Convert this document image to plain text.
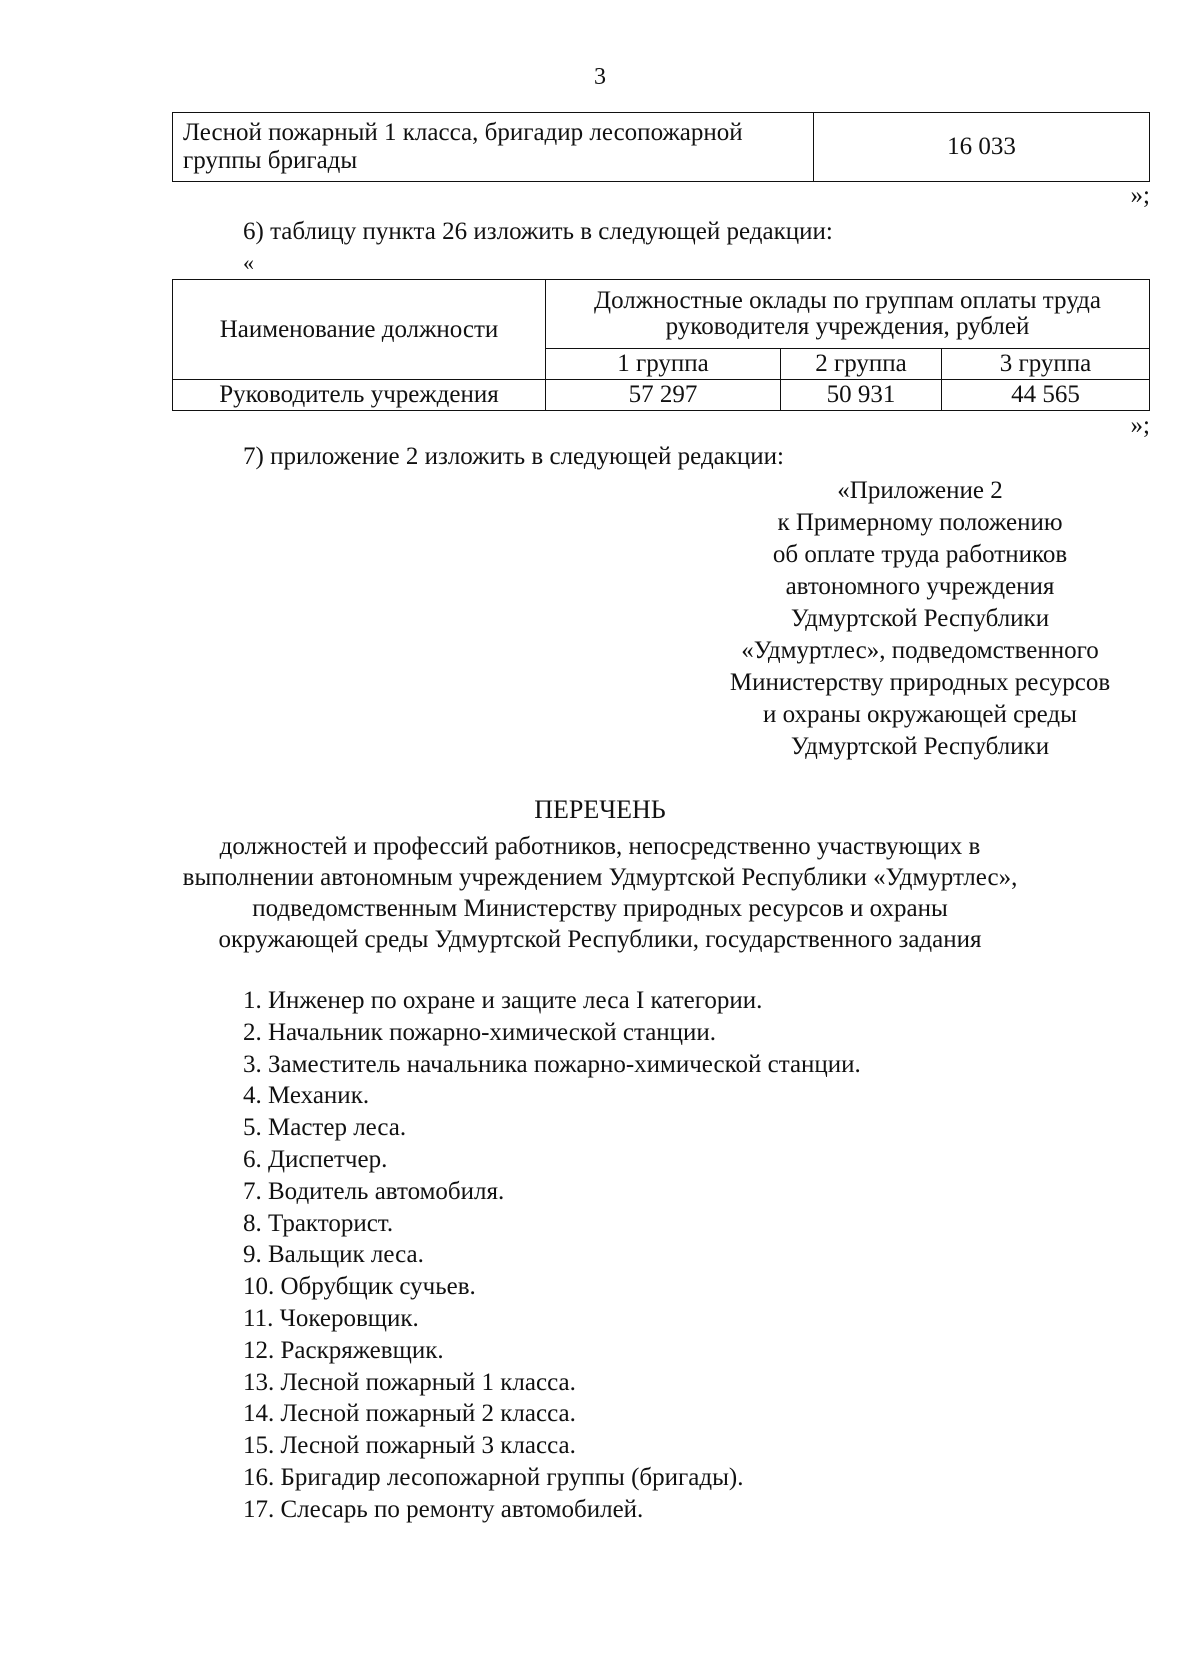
3
Лесной пожарный 1 класса, бригадир лесопожарной группы бригады	16 033
»;
6) таблицу пункта 26 изложить в следующей редакции:
«
Наименование должности	Должностные оклады по группам оплаты труда руководителя учреждения, рублей		
	1 группа	2 группа	3 группа
Руководитель учреждения	57 297	50 931	44 565
»;
7) приложение 2 изложить в следующей редакции:
«Приложение 2
к Примерному положению
об оплате труда работников
автономного учреждения
Удмуртской Республики
«Удмуртлес», подведомственного
Министерству природных ресурсов
и охраны окружающей среды
Удмуртской Республики
ПЕРЕЧЕНЬ
должностей и профессий работников, непосредственно участвующих в
выполнении автономным учреждением Удмуртской Республики «Удмуртлес»,
подведомственным Министерству природных ресурсов и охраны
окружающей среды Удмуртской Республики, государственного задания
1. Инженер по охране и защите леса I категории.
2. Начальник пожарно-химической станции.
3. Заместитель начальника пожарно-химической станции.
4. Механик.
5. Мастер леса.
6. Диспетчер.
7. Водитель автомобиля.
8. Тракторист.
9. Вальщик леса.
10. Обрубщик сучьев.
11. Чокеровщик.
12. Раскряжевщик.
13. Лесной пожарный 1 класса.
14. Лесной пожарный 2 класса.
15. Лесной пожарный 3 класса.
16. Бригадир лесопожарной группы (бригады).
17. Слесарь по ремонту автомобилей.
